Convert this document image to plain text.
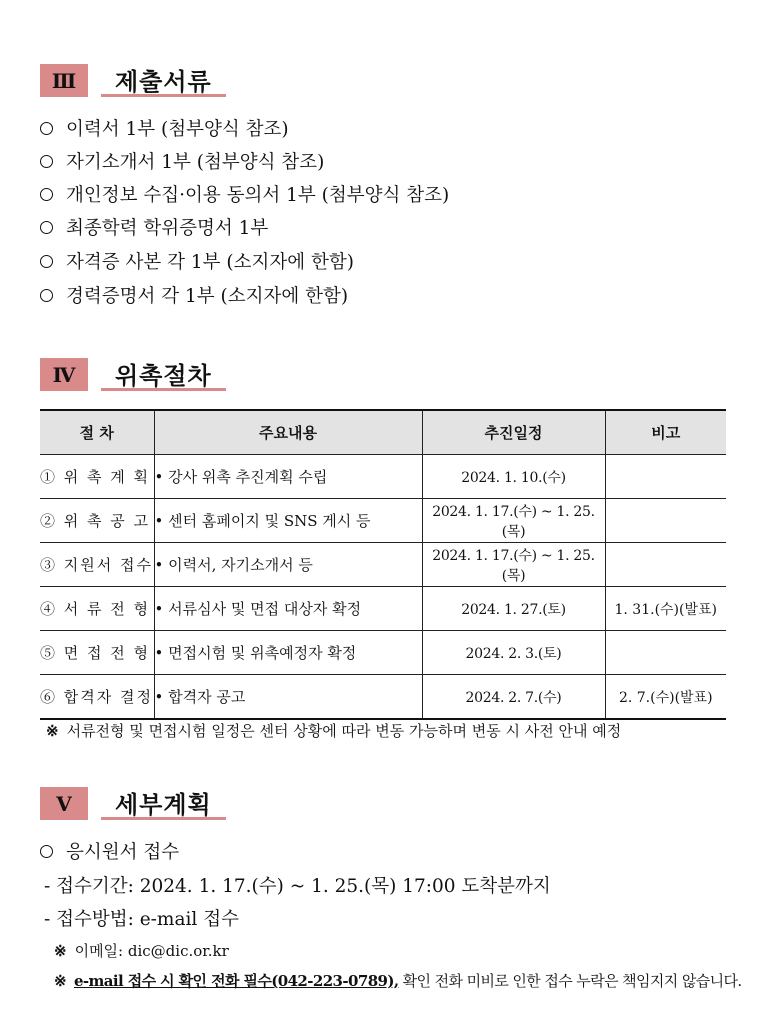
Ⅲ	제출서류
이력서 1부 (첨부양식 참조)
자기소개서 1부 (첨부양식 참조)
개인정보 수집·이용 동의서 1부 (첨부양식 참조)
최종학력 학위증명서 1부
자격증 사본 각 1부 (소지자에 한함)
경력증명서 각 1부 (소지자에 한함)
Ⅳ	위촉절차
절 차	주요내용	추진일정	비고
① 위 촉 계 획	• 강사 위촉 추진계획 수립	2024. 1. 10.(수)	
② 위 촉 공 고	• 센터 홈페이지 및 SNS 게시 등	2024. 1. 17.(수) ~ 1. 25.(목)	
③ 지원서 접수	• 이력서, 자기소개서 등	2024. 1. 17.(수) ~ 1. 25.(목)	
④ 서 류 전 형	• 서류심사 및 면접 대상자 확정	2024. 1. 27.(토)	1. 31.(수)(발표)
⑤ 면 접 전 형	• 면접시험 및 위촉예정자 확정	2024. 2. 3.(토)	
⑥ 합격자 결정	• 합격자 공고	2024. 2. 7.(수)	2. 7.(수)(발표)
※ 서류전형 및 면접시험 일정은 센터 상황에 따라 변동 가능하며 변동 시 사전 안내 예정
Ⅴ	세부계획
응시원서 접수
- 접수기간: 2024. 1. 17.(수) ~ 1. 25.(목) 17:00 도착분까지
- 접수방법: e-mail 접수
※ 이메일: dic@dic.or.kr
※ e-mail 접수 시 확인 전화 필수(042-223-0789), 확인 전화 미비로 인한 접수 누락은 책임지지 않습니다.
